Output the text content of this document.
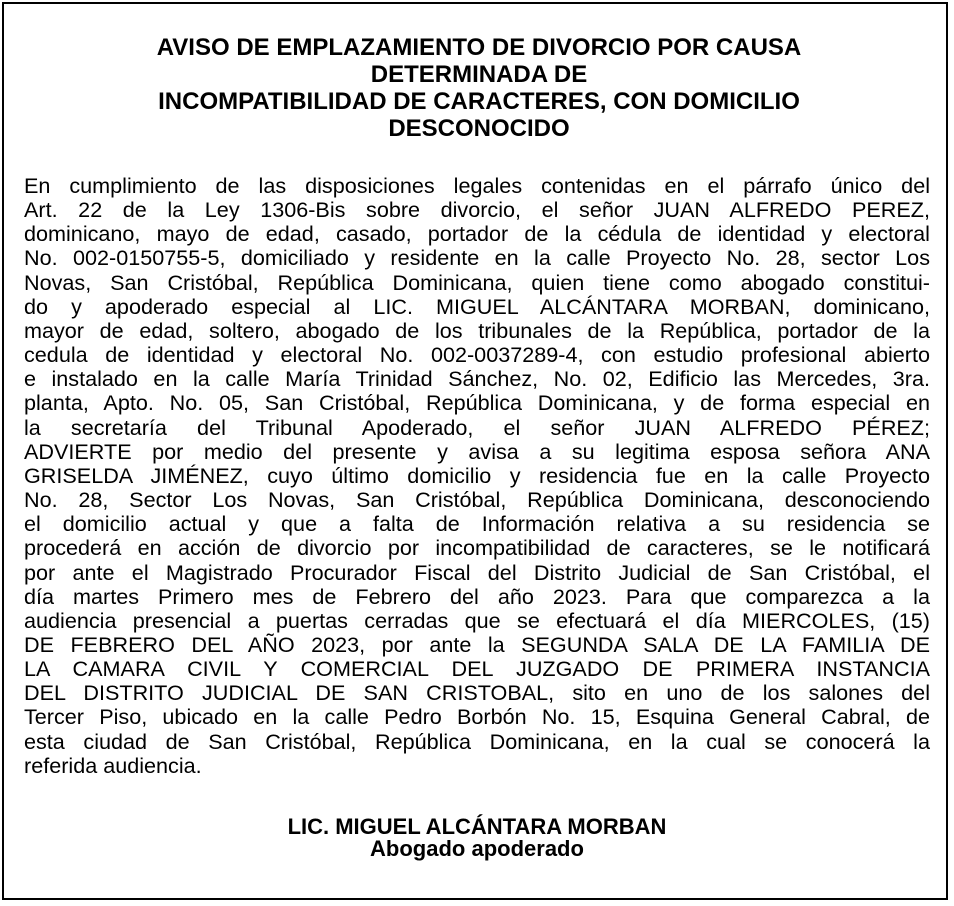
AVISO DE EMPLAZAMIENTO DE DIVORCIO POR CAUSA
DETERMINADA DE
INCOMPATIBILIDAD DE CARACTERES, CON DOMICILIO
DESCONOCIDO
En cumplimiento de las disposiciones legales contenidas en el párrafo único del
Art. 22 de la Ley 1306-Bis sobre divorcio, el señor JUAN ALFREDO PEREZ,
dominicano, mayo de edad, casado, portador de la cédula de identidad y electoral
No. 002-0150755-5, domiciliado y residente en la calle Proyecto No. 28, sector Los
Novas, San Cristóbal, República Dominicana, quien tiene como abogado constitui-
do y apoderado especial al LIC. MIGUEL ALCÁNTARA MORBAN, dominicano,
mayor de edad, soltero, abogado de los tribunales de la República, portador de la
cedula de identidad y electoral No. 002-0037289-4, con estudio profesional abierto
e instalado en la calle María Trinidad Sánchez, No. 02, Edificio las Mercedes, 3ra.
planta, Apto. No. 05, San Cristóbal, República Dominicana, y de forma especial en
la secretaría del Tribunal Apoderado, el señor JUAN ALFREDO PÉREZ;
ADVIERTE por medio del presente y avisa a su legitima esposa señora ANA
GRISELDA JIMÉNEZ, cuyo último domicilio y residencia fue en la calle Proyecto
No. 28, Sector Los Novas, San Cristóbal, República Dominicana, desconociendo
el domicilio actual y que a falta de Información relativa a su residencia se
procederá en acción de divorcio por incompatibilidad de caracteres, se le notificará
por ante el Magistrado Procurador Fiscal del Distrito Judicial de San Cristóbal, el
día martes Primero mes de Febrero del año 2023. Para que comparezca a la
audiencia presencial a puertas cerradas que se efectuará el día MIERCOLES, (15)
DE FEBRERO DEL AÑO 2023, por ante la SEGUNDA SALA DE LA FAMILIA DE
LA CAMARA CIVIL Y COMERCIAL DEL JUZGADO DE PRIMERA INSTANCIA
DEL DISTRITO JUDICIAL DE SAN CRISTOBAL, sito en uno de los salones del
Tercer Piso, ubicado en la calle Pedro Borbón No. 15, Esquina General Cabral, de
esta ciudad de San Cristóbal, República Dominicana, en la cual se conocerá la
referida audiencia.
LIC. MIGUEL ALCÁNTARA MORBAN
Abogado apoderado
